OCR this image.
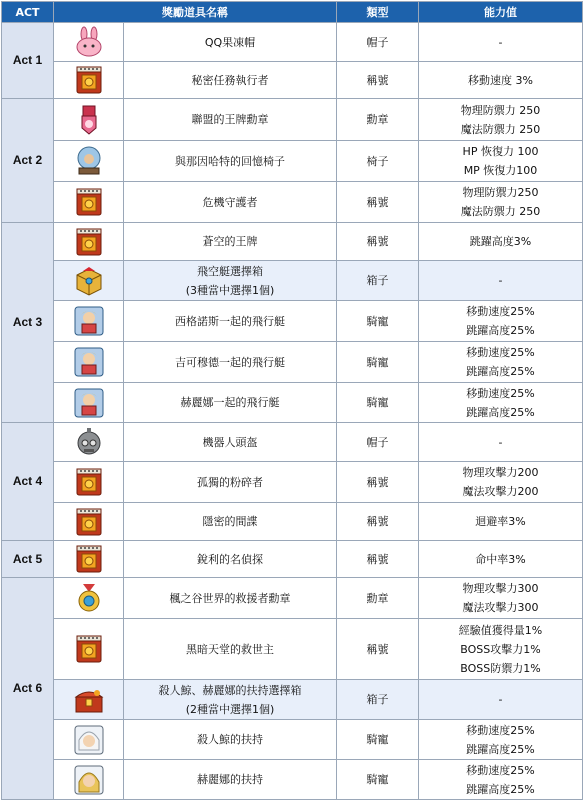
ACT	獎勵道具名稱		類型	能力值
Act 1		QQ果凍帽	帽子	-

秘密任務執行者	稱號	移動速度 3%

Act 2		聯盟的王牌勳章	勳章	物理防禦力 250
魔法防禦力 250

與那因哈特的回憶椅子	椅子	HP 恢復力 100
MP 恢復力100

危機守護者	稱號	物理防禦力250
魔法防禦力 250

Act 3		蒼空的王牌	稱號	跳躍高度3%

飛空艇選擇箱
(3種當中選擇1個)	箱子	-

西格諾斯一起的飛行艇	騎寵	移動速度25%
跳躍高度25%

吉可穆德一起的飛行艇	騎寵	移動速度25%
跳躍高度25%

赫麗娜一起的飛行艇	騎寵	移動速度25%
跳躍高度25%

Act 4		機器人頭盔	帽子	-

孤獨的粉碎者	稱號	物理攻擊力200
魔法攻擊力200

隱密的間諜	稱號	迴避率3%

Act 5		銳利的名偵探	稱號	命中率3%

Act 6		楓之谷世界的救援者勳章	勳章	物理攻擊力300
魔法攻擊力300

黑暗天堂的救世主	稱號	經驗值獲得量1%
BOSS攻擊力1%
BOSS防禦力1%

殺人鯨、赫麗娜的扶持選擇箱
(2種當中選擇1個)	箱子	-

殺人鯨的扶持	騎寵	移動速度25%
跳躍高度25%

赫麗娜的扶持	騎寵	移動速度25%
跳躍高度25%
